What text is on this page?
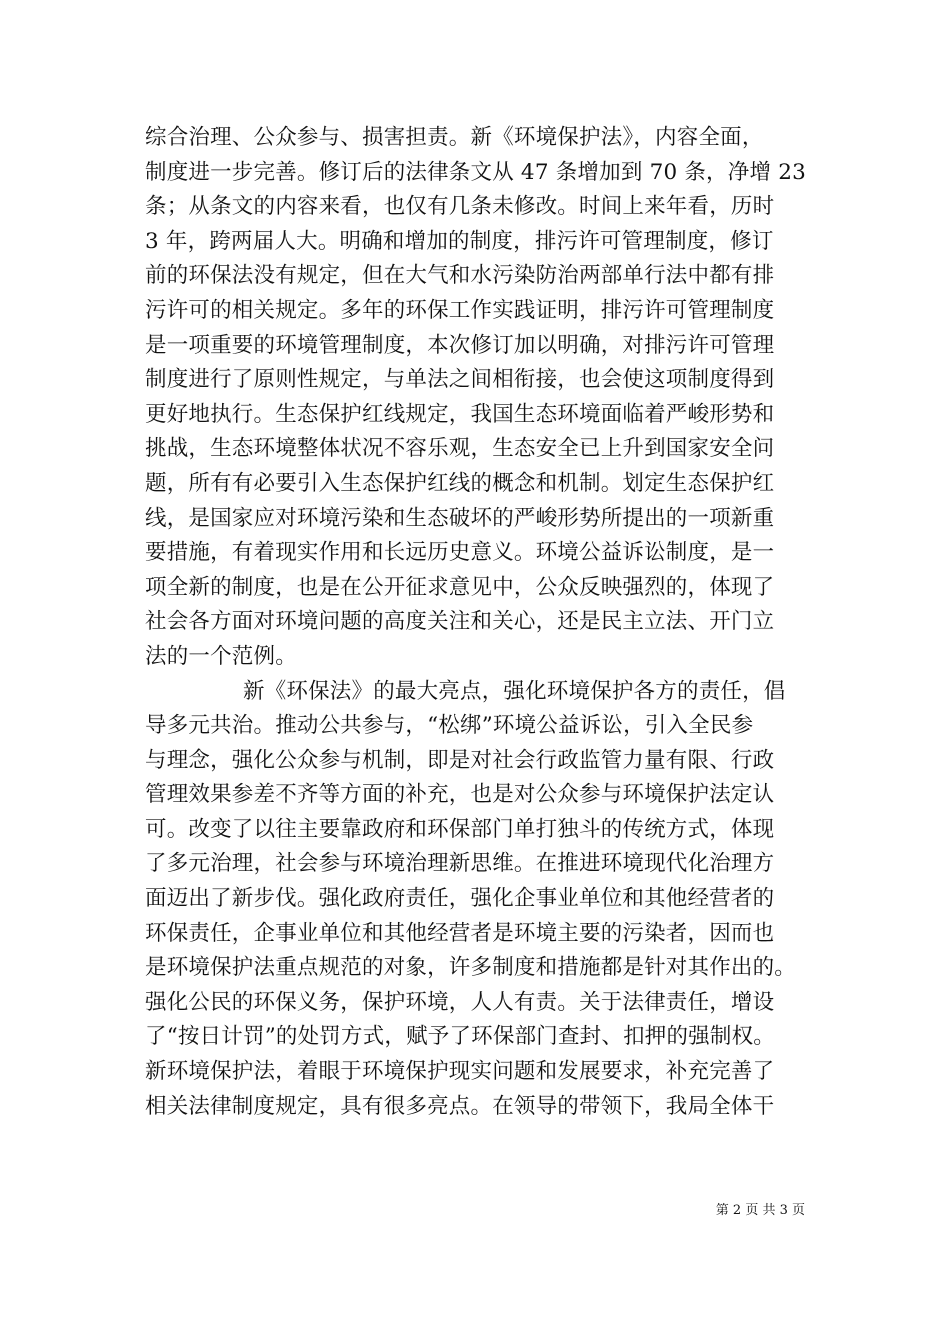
综合治理、公众参与、损害担责。新《环境保护法》，内容全面，
制度进一步完善。修订后的法律条文从 47 条增加到 70 条，净增 23
条；从条文的内容来看，也仅有几条未修改。时间上来年看，历时
3 年，跨两届人大。明确和增加的制度，排污许可管理制度，修订
前的环保法没有规定，但在大气和水污染防治两部单行法中都有排
污许可的相关规定。多年的环保工作实践证明，排污许可管理制度
是一项重要的环境管理制度，本次修订加以明确，对排污许可管理
制度进行了原则性规定，与单法之间相衔接，也会使这项制度得到
更好地执行。生态保护红线规定，我国生态环境面临着严峻形势和
挑战，生态环境整体状况不容乐观，生态安全已上升到国家安全问
题，所有有必要引入生态保护红线的概念和机制。划定生态保护红
线，是国家应对环境污染和生态破坏的严峻形势所提出的一项新重
要措施，有着现实作用和长远历史意义。环境公益诉讼制度，是一
项全新的制度，也是在公开征求意见中，公众反映强烈的，体现了
社会各方面对环境问题的高度关注和关心，还是民主立法、开门立
法的一个范例。
新《环保法》的最大亮点，强化环境保护各方的责任，倡
导多元共治。推动公共参与，“松绑”环境公益诉讼，引入全民参
与理念，强化公众参与机制，即是对社会行政监管力量有限、行政
管理效果参差不齐等方面的补充，也是对公众参与环境保护法定认
可。改变了以往主要靠政府和环保部门单打独斗的传统方式，体现
了多元治理，社会参与环境治理新思维。在推进环境现代化治理方
面迈出了新步伐。强化政府责任，强化企事业单位和其他经营者的
环保责任，企事业单位和其他经营者是环境主要的污染者，因而也
是环境保护法重点规范的对象，许多制度和措施都是针对其作出的。
强化公民的环保义务，保护环境，人人有责。关于法律责任，增设
了“按日计罚”的处罚方式，赋予了环保部门查封、扣押的强制权。
新环境保护法，着眼于环境保护现实问题和发展要求，补充完善了
相关法律制度规定，具有很多亮点。在领导的带领下，我局全体干
第 2 页 共 3 页
